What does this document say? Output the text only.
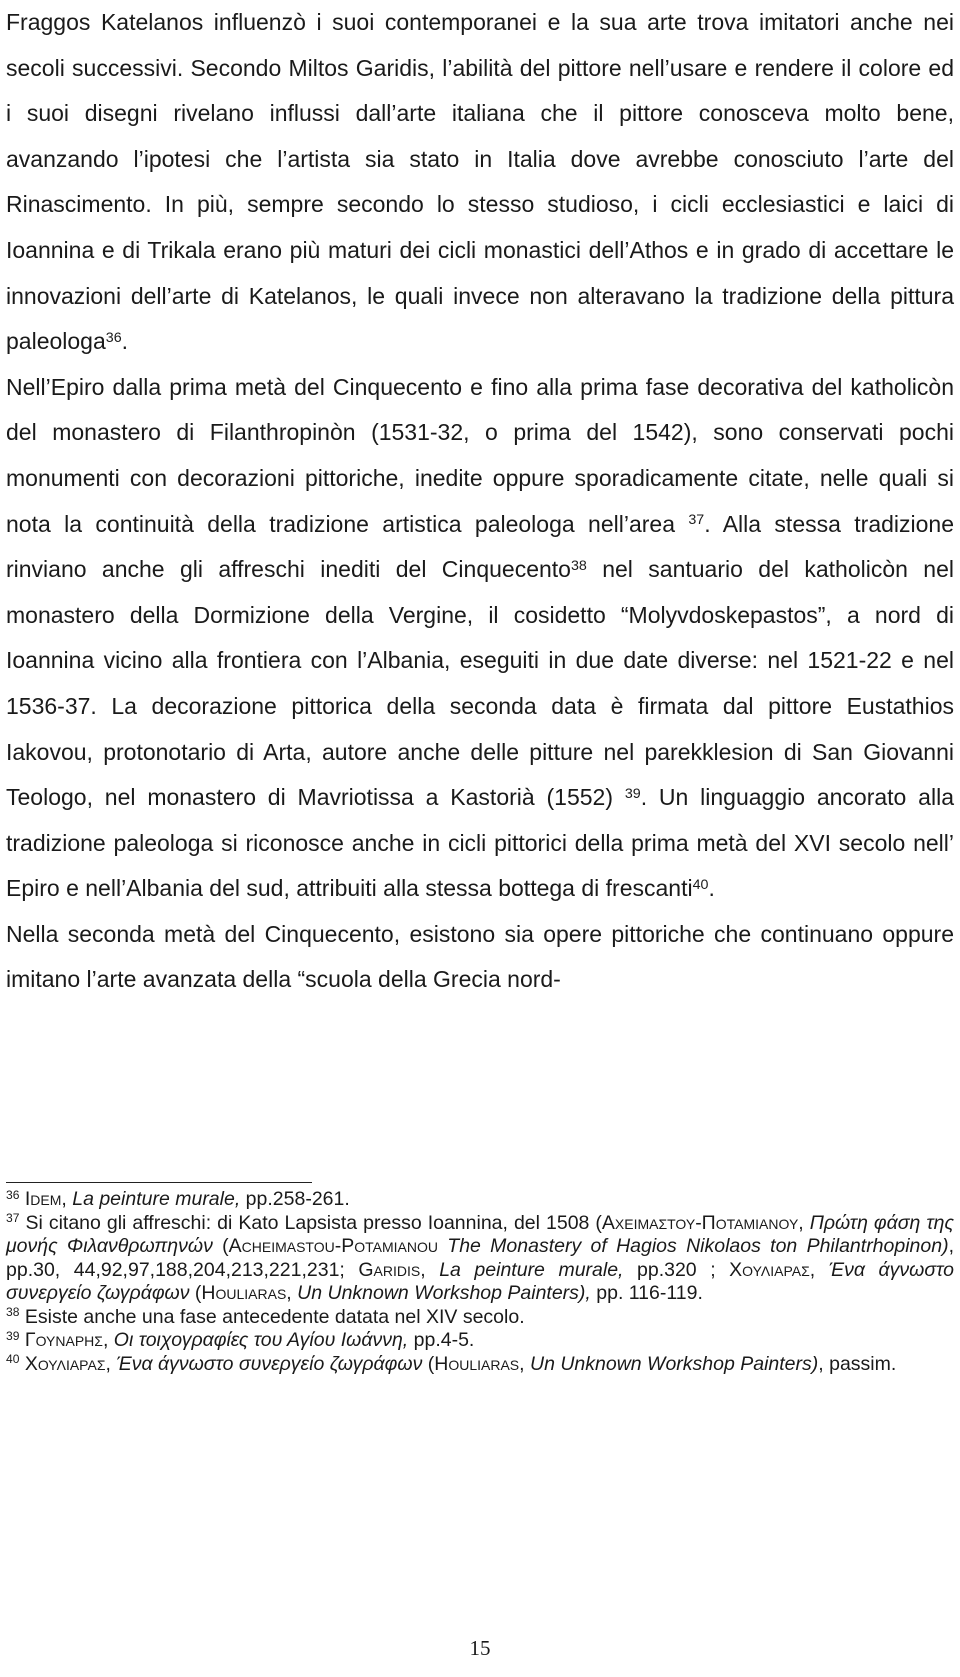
Fraggos Katelanos influenzò i suoi contemporanei e la sua arte trova imitatori anche nei secoli successivi. Secondo Miltos Garidis, l’abilità del pittore nell’usare e rendere il colore ed i suoi disegni rivelano influssi dall’arte italiana che il pittore conosceva molto bene, avanzando l’ipotesi che l’artista sia stato in Italia dove avrebbe conosciuto l’arte del Rinascimento. In più, sempre secondo lo stesso studioso, i cicli ecclesiastici e laici di Ioannina e di Trikala erano più maturi dei cicli monastici dell’Athos e in grado di accettare le innovazioni dell’arte di Katelanos, le quali invece non alteravano la tradizione della pittura paleologa$^{36}$.

Nell’Epiro dalla prima metà del Cinquecento e fino alla prima fase decorativa del katholicòn del monastero di Filanthropinòn (1531-32, o prima del 1542), sono conservati pochi monumenti con decorazioni pittoriche, inedite oppure sporadicamente citate, nelle quali si nota la continuità della tradizione artistica paleologa nell’area $^{37}$. Alla stessa tradizione rinviano anche gli affreschi inediti del Cinquecento$^{38}$ nel santuario del katholicòn nel monastero della Dormizione della Vergine, il cosidetto “Molyvdoskepastos”, a nord di Ioannina vicino alla frontiera con l’Albania, eseguiti in due date diverse: nel 1521-22 e nel 1536-37. La decorazione pittorica della seconda data è firmata dal pittore Eustathios Iakovou, protonotario di Arta, autore anche delle pitture nel parekklesion di San Giovanni Teologo, nel monastero di Mavriotissa a Kastorià (1552) $^{39}$. Un linguaggio ancorato alla tradizione paleologa si riconosce anche in cicli pittorici della prima metà del XVI secolo nell’ Epiro e nell’Albania del sud, attribuiti alla stessa bottega di frescanti$^{40}$.

Nella seconda metà del Cinquecento, esistono sia opere pittoriche che continuano oppure imitano l’arte avanzata della “scuola della Grecia nord-

$^{36}$ Idem, La peinture murale, pp.258-261.

$^{37}$ Si citano gli affreschi: di Kato Lapsista presso Ioannina, del 1508 (Αχειμαστου-Ποταμιανου, Πρώτη φάση της μονής Φιλανθρωπηνών (Acheimastou-Potamianou The Monastery of Hagios Nikolaos ton Philantrhopinon), pp.30, 44,92,97,188,204,213,221,231; Garidis, La peinture murale, pp.320 ; Χουλιαρασ, Ένα άγνωστο συνεργείο ζωγράφων (Houliaras, Un Unknown Workshop Painters), pp. 116-119.

$^{38}$ Esiste anche una fase antecedente datata nel XIV secolo.

$^{39}$ Γουναρησ, Οι τοιχογραφίες του Αγίου Ιωάννη, pp.4-5.

$^{40}$ Χουλιαρασ, Ένα άγνωστο συνεργείο ζωγράφων (Houliaras, Un Unknown Workshop Painters), passim.

15
